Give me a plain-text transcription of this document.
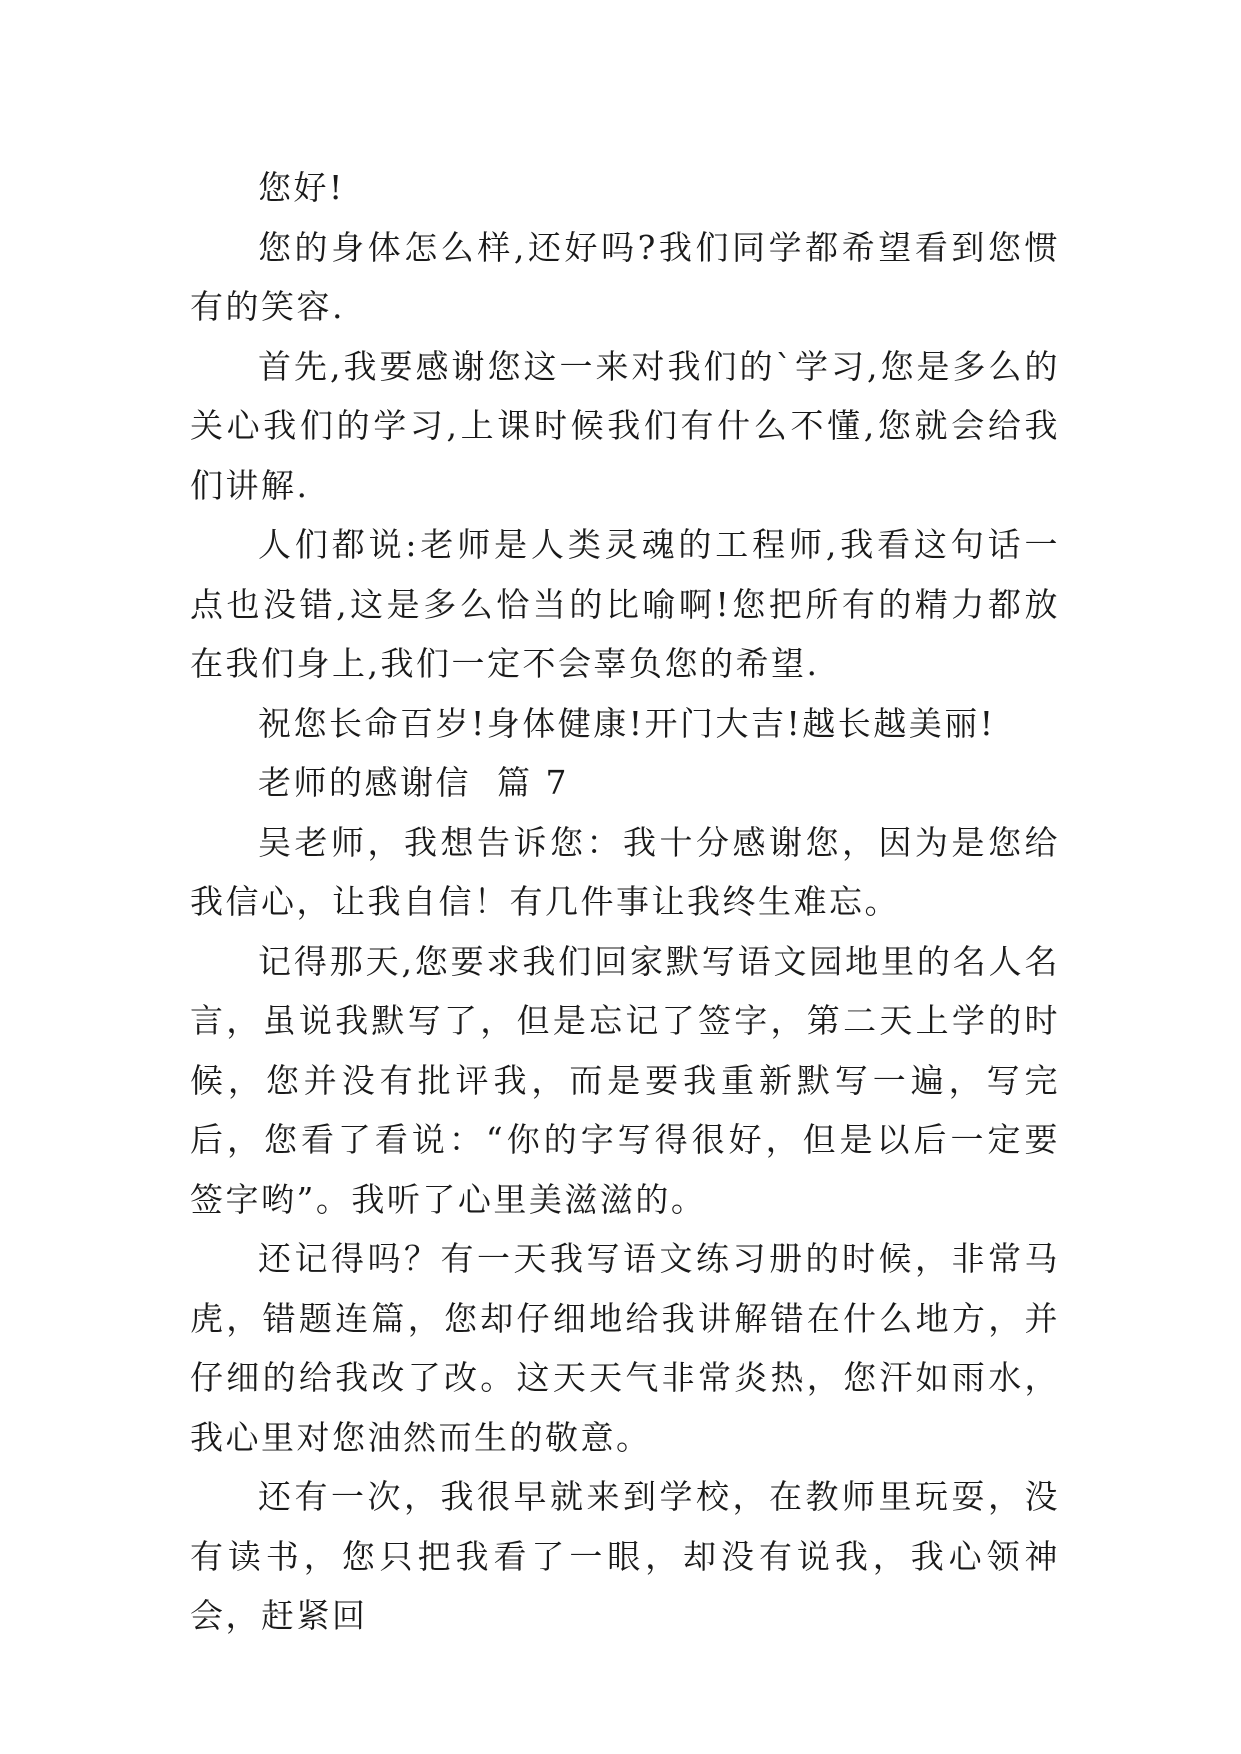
您好!

您的身体怎么样,还好吗?我们同学都希望看到您惯有的笑容.

首先,我要感谢您这一来对我们的`学习,您是多么的关心我们的学习,上课时候我们有什么不懂,您就会给我们讲解.

人们都说:老师是人类灵魂的工程师,我看这句话一点也没错,这是多么恰当的比喻啊!您把所有的精力都放在我们身上,我们一定不会辜负您的希望.

祝您长命百岁!身体健康!开门大吉!越长越美丽!

老师的感谢信  篇 7

吴老师，我想告诉您：我十分感谢您，因为是您给我信心，让我自信！有几件事让我终生难忘。

记得那天,您要求我们回家默写语文园地里的名人名言，虽说我默写了，但是忘记了签字，第二天上学的时候，您并没有批评我，而是要我重新默写一遍，写完后，您看了看说：“你的字写得很好，但是以后一定要签字哟”。我听了心里美滋滋的。

还记得吗？有一天我写语文练习册的时候，非常马虎，错题连篇，您却仔细地给我讲解错在什么地方，并仔细的给我改了改。这天天气非常炎热，您汗如雨水，我心里对您油然而生的敬意。

还有一次，我很早就来到学校，在教师里玩耍，没有读书，您只把我看了一眼，却没有说我，我心领神会，赶紧回
